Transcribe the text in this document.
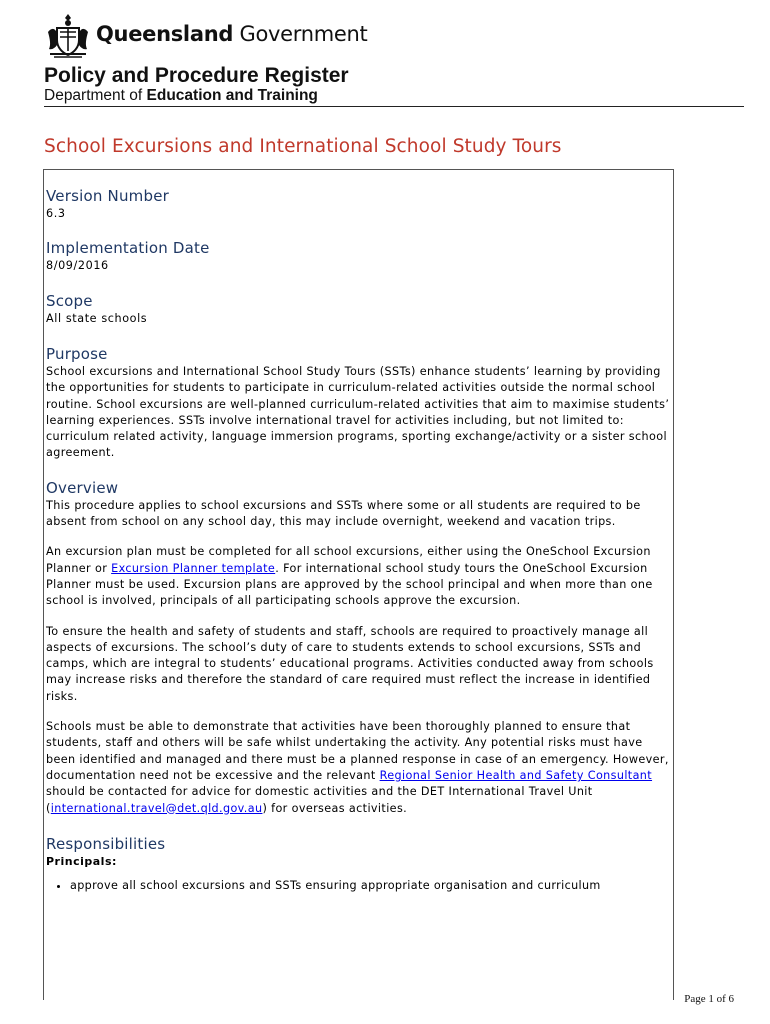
Queensland Government
Policy and Procedure Register
Department of Education and Training
School Excursions and International School Study Tours
Version Number

6.3

Implementation Date

8/09/2016

Scope

All state schools

Purpose

School excursions and International School Study Tours (SSTs) enhance students’ learning by providing the opportunities for students to participate in curriculum-related activities outside the normal school routine. School excursions are well-planned curriculum-related activities that aim to maximise students’ learning experiences. SSTs involve international travel for activities including, but not limited to: curriculum related activity, language immersion programs, sporting exchange/activity or a sister school agreement.

Overview

This procedure applies to school excursions and SSTs where some or all students are required to be absent from school on any school day, this may include overnight, weekend and vacation trips.

An excursion plan must be completed for all school excursions, either using the OneSchool Excursion Planner or Excursion Planner template. For international school study tours the OneSchool Excursion Planner must be used. Excursion plans are approved by the school principal and when more than one school is involved, principals of all participating schools approve the excursion.

To ensure the health and safety of students and staff, schools are required to proactively manage all aspects of excursions. The school’s duty of care to students extends to school excursions, SSTs and camps, which are integral to students’ educational programs. Activities conducted away from schools may increase risks and therefore the standard of care required must reflect the increase in identified risks.

Schools must be able to demonstrate that activities have been thoroughly planned to ensure that students, staff and others will be safe whilst undertaking the activity. Any potential risks must have been identified and managed and there must be a planned response in case of an emergency. However, documentation need not be excessive and the relevant Regional Senior Health and Safety Consultant should be contacted for advice for domestic activities and the DET International Travel Unit (international.travel@det.qld.gov.au) for overseas activities.

Responsibilities

Principals:

• approve all school excursions and SSTs ensuring appropriate organisation and curriculum
Page 1 of 6
